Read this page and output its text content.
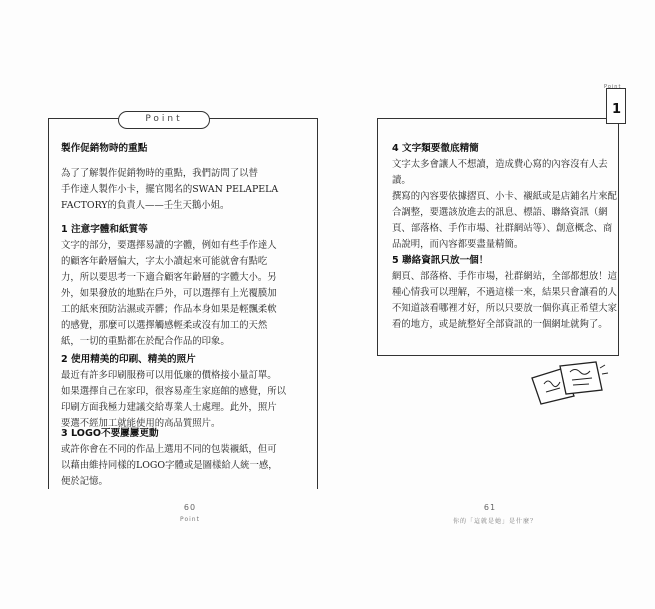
Point
製作促銷物時的重點
為了了解製作促銷物時的重點，我們訪問了以替
手作達人製作小卡，擺官聞名的SWAN PELAPELA
FACTORY的負責人——壬生天鵝小姐。
1 注意字體和紙質等
文字的部分，要選擇易讀的字體，例如有些手作達人
的顧客年齡層偏大，字太小讀起來可能就會有點吃
力，所以要思考一下適合顧客年齡層的字體大小。另
外，如果發放的地點在戶外，可以選擇有上光覆膜加
工的紙來預防沾濕或弄髒；作品本身如果是輕飄柔軟
的感覺，那麼可以選擇觸感輕柔或沒有加工的天然
紙，一切的重點都在於配合作品的印象。
2 使用精美的印刷、精美的照片
最近有許多印刷服務可以用低廉的價格接小量訂單。
如果選擇自己在家印，很容易產生家庭館的感覺，所以
印刷方面我極力建議交給專業人士處理。此外，照片
要選不經加工就能使用的高品質照片。
3 LOGO不要屢屢更動
或許你會在不同的作品上選用不同的包裝襯紙，但可
以藉由維持同樣的LOGO字體或是圖樣給人統一感，
便於記憶。
60
Point
Point
1
4 文字類要徹底精簡
文字太多會讓人不想讀，造成費心寫的內容沒有人去
讀。
撰寫的內容要依據摺頁、小卡、襯紙或是店鋪名片來配
合調整，要選該放進去的訊息、標語、聯絡資訊（網
頁、部落格、手作市場、社群網站等）、創意概念、商
品說明，而內容都要盡量精簡。
5 聯絡資訊只放一個！
網頁、部落格、手作市場，社群網站，全部都想放！這
種心情我可以理解，不過這樣一來，結果只會讓看的人
不知道該看哪裡才好，所以只要放一個你真正希望大家
看的地方，或是統整好全部資訊的一個網址就夠了。
61
你的「這就是她」是什麼？
